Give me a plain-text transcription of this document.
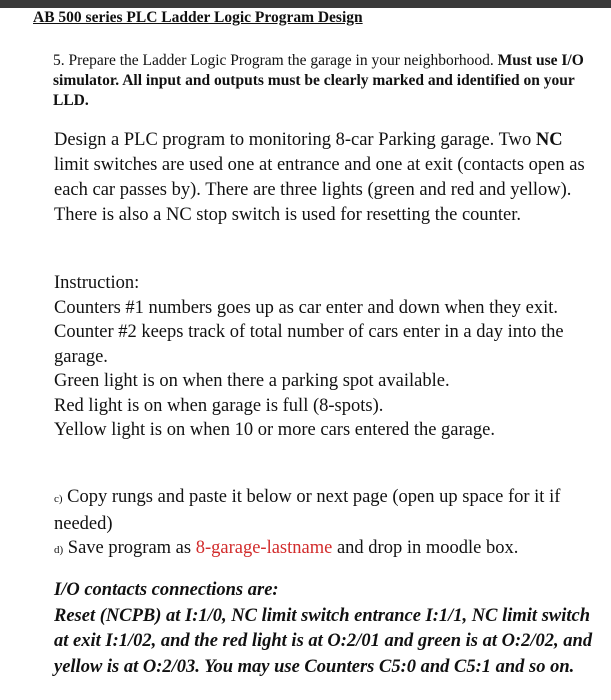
AB 500 series PLC Ladder Logic Program Design
5. Prepare the Ladder Logic Program the garage in your neighborhood. Must use I/O simulator. All input and outputs must be clearly marked and identified on your LLD.
Design a PLC program to monitoring 8-car Parking garage. Two NC limit switches are used one at entrance and one at exit (contacts open as each car passes by). There are three lights (green and red and yellow). There is also a NC stop switch is used for resetting the counter.
Instruction:
Counters #1 numbers goes up as car enter and down when they exit.
Counter #2 keeps track of total number of cars enter in a day into the garage.
Green light is on when there a parking spot available.
Red light is on when garage is full (8-spots).
Yellow light is on when 10 or more cars entered the garage.
c) Copy rungs and paste it below or next page (open up space for it if needed)
d) Save program as 8-garage-lastname and drop in moodle box.
I/O contacts connections are:
Reset (NCPB) at I:1/0, NC limit switch entrance I:1/1, NC limit switch at exit I:1/02, and the red light is at O:2/01 and green is at O:2/02, and yellow is at O:2/03. You may use Counters C5:0 and C5:1 and so on.
